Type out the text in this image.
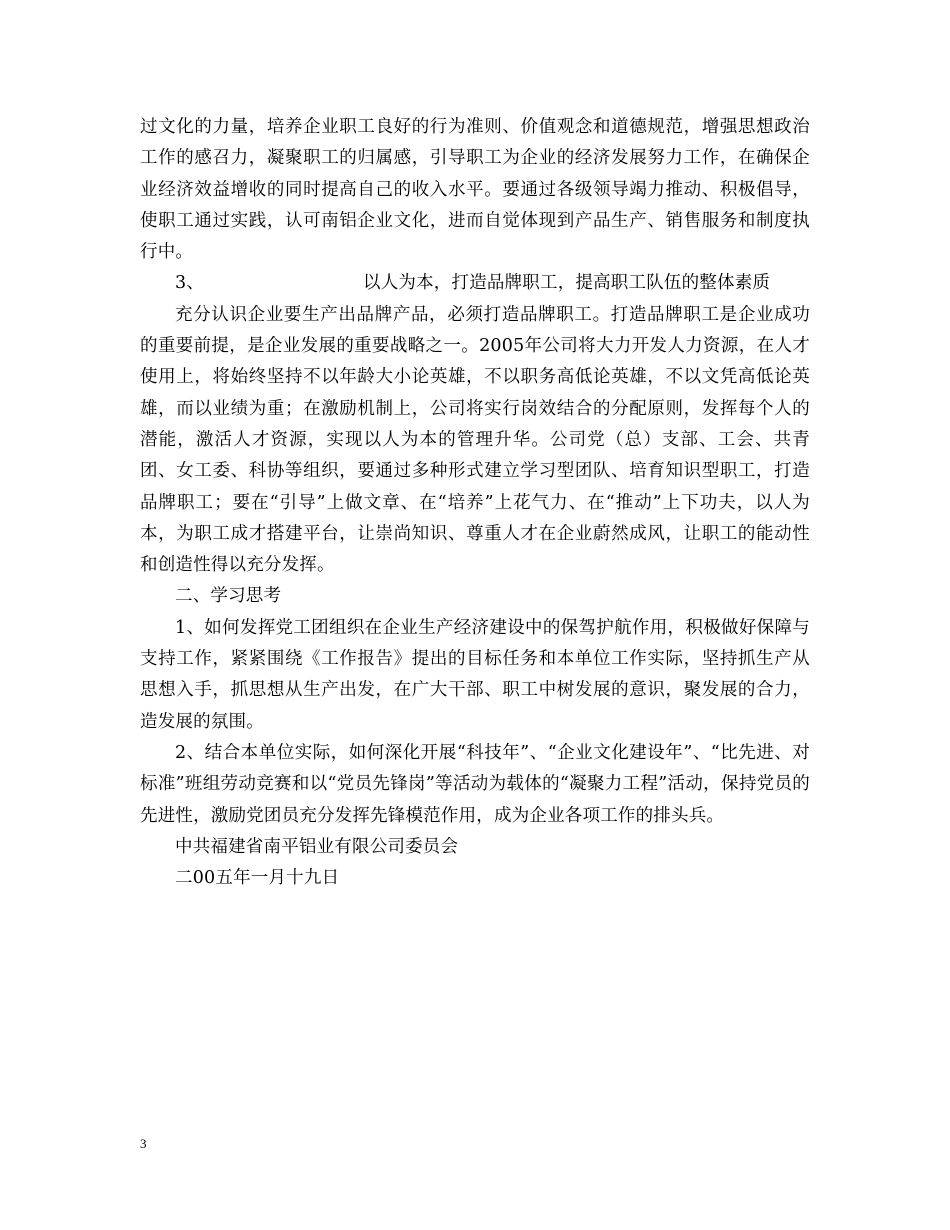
过文化的力量，培养企业职工良好的行为准则、价值观念和道德规范，增强思想政治工作的感召力，凝聚职工的归属感，引导职工为企业的经济发展努力工作，在确保企业经济效益增收的同时提高自己的收入水平。要通过各级领导竭力推动、积极倡导，使职工通过实践，认可南铝企业文化，进而自觉体现到产品生产、销售服务和制度执行中。

3、	以人为本，打造品牌职工，提高职工队伍的整体素质

充分认识企业要生产出品牌产品，必须打造品牌职工。打造品牌职工是企业成功的重要前提，是企业发展的重要战略之一。2005年公司将大力开发人力资源，在人才使用上，将始终坚持不以年龄大小论英雄，不以职务高低论英雄，不以文凭高低论英雄，而以业绩为重；在激励机制上，公司将实行岗效结合的分配原则，发挥每个人的潜能，激活人才资源，实现以人为本的管理升华。公司党（总）支部、工会、共青团、女工委、科协等组织，要通过多种形式建立学习型团队、培育知识型职工，打造品牌职工；要在“引导”上做文章、在“培养”上花气力、在“推动”上下功夫，以人为本，为职工成才搭建平台，让崇尚知识、尊重人才在企业蔚然成风，让职工的能动性和创造性得以充分发挥。

二、学习思考

1、如何发挥党工团组织在企业生产经济建设中的保驾护航作用，积极做好保障与支持工作，紧紧围绕《工作报告》提出的目标任务和本单位工作实际，坚持抓生产从思想入手，抓思想从生产出发，在广大干部、职工中树发展的意识，聚发展的合力，造发展的氛围。

2、结合本单位实际，如何深化开展“科技年”、“企业文化建设年”、“比先进、对标准”班组劳动竞赛和以“党员先锋岗”等活动为载体的“凝聚力工程”活动，保持党员的先进性，激励党团员充分发挥先锋模范作用，成为企业各项工作的排头兵。

中共福建省南平铝业有限公司委员会

二00五年一月十九日

3
